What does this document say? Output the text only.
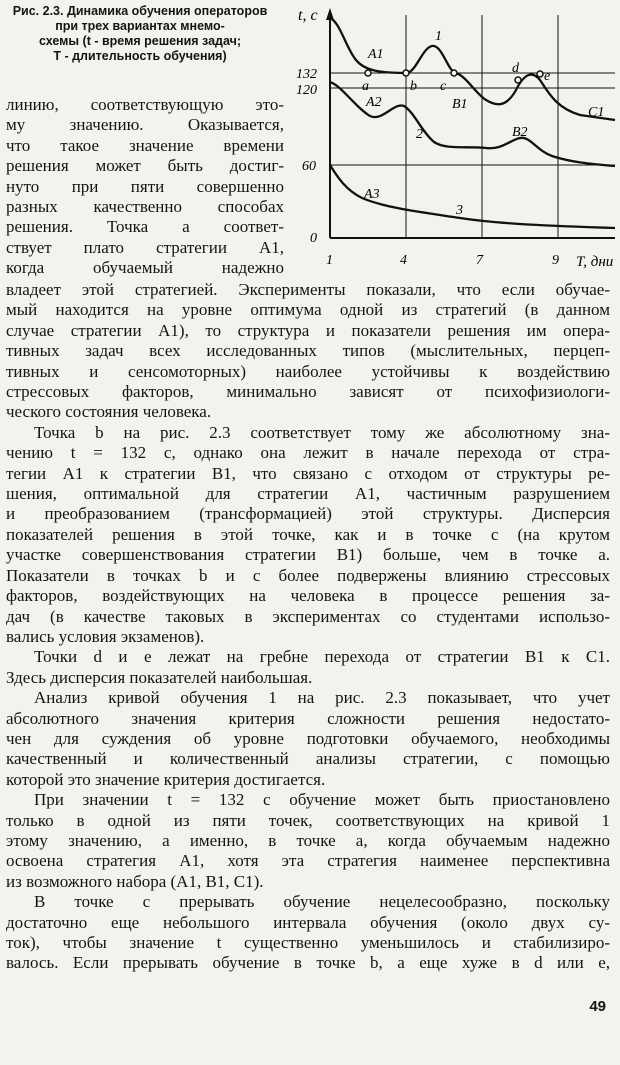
Рис. 2.3. Динамика обучения операторов при трех вариантах мнемо-
схемы (t - время решения задач;
T - длительность обучения)
t, c
T, дни
132
120
60
0
1	4	7	9
A1
A2
A3
B1
B2
C1
1
2
3
a	b c
d
e
линию, соответствующую это-
му значению. Оказывается,
что такое значение времени
решения может быть достиг-
нуто при пяти совершенно
разных качественно способах
решения. Точка a соответ-
ствует плато стратегии A1,
когда обучаемый надежно
владеет этой стратегией. Эксперименты показали, что если обучае-
мый находится на уровне оптимума одной из стратегий (в данном
случае стратегии A1), то структура и показатели решения им опера-
тивных задач всех исследованных типов (мыслительных, перцеп-
тивных и сенсомоторных) наиболее устойчивы к воздействию
стрессовых факторов, минимально зависят от психофизиологи-
ческого состояния человека.
Точка b на рис. 2.3 соответствует тому же абсолютному зна-
чению t = 132 с, однако она лежит в начале перехода от стра-
тегии A1 к стратегии B1, что связано с отходом от структуры ре-
шения, оптимальной для стратегии A1, частичным разрушением
и преобразованием (трансформацией) этой структуры. Дисперсия
показателей решения в этой точке, как и в точке c (на крутом
участке совершенствования стратегии B1) больше, чем в точке a.
Показатели в точках b и c более подвержены влиянию стрессовых
факторов, воздействующих на человека в процессе решения за-
дач (в качестве таковых в экспериментах со студентами использо-
вались условия экзаменов).
Точки d и e лежат на гребне перехода от стратегии B1 к C1.
Здесь дисперсия показателей наибольшая.
Анализ кривой обучения 1 на рис. 2.3 показывает, что учет
абсолютного значения критерия сложности решения недостато-
чен для суждения об уровне подготовки обучаемого, необходимы
качественный и количественный анализы стратегии, с помощью
которой это значение критерия достигается.
При значении t = 132 с обучение может быть приостановлено
только в одной из пяти точек, соответствующих на кривой 1
этому значению, а именно, в точке a, когда обучаемым надежно
освоена стратегия A1, хотя эта стратегия наименее перспективна
из возможного набора (A1, B1, C1).
В точке c прерывать обучение нецелесообразно, поскольку
достаточно еще небольшого интервала обучения (около двух су-
ток), чтобы значение t существенно уменьшилось и стабилизиро-
валось. Если прерывать обучение в точке b, а еще хуже в d или e,
49
